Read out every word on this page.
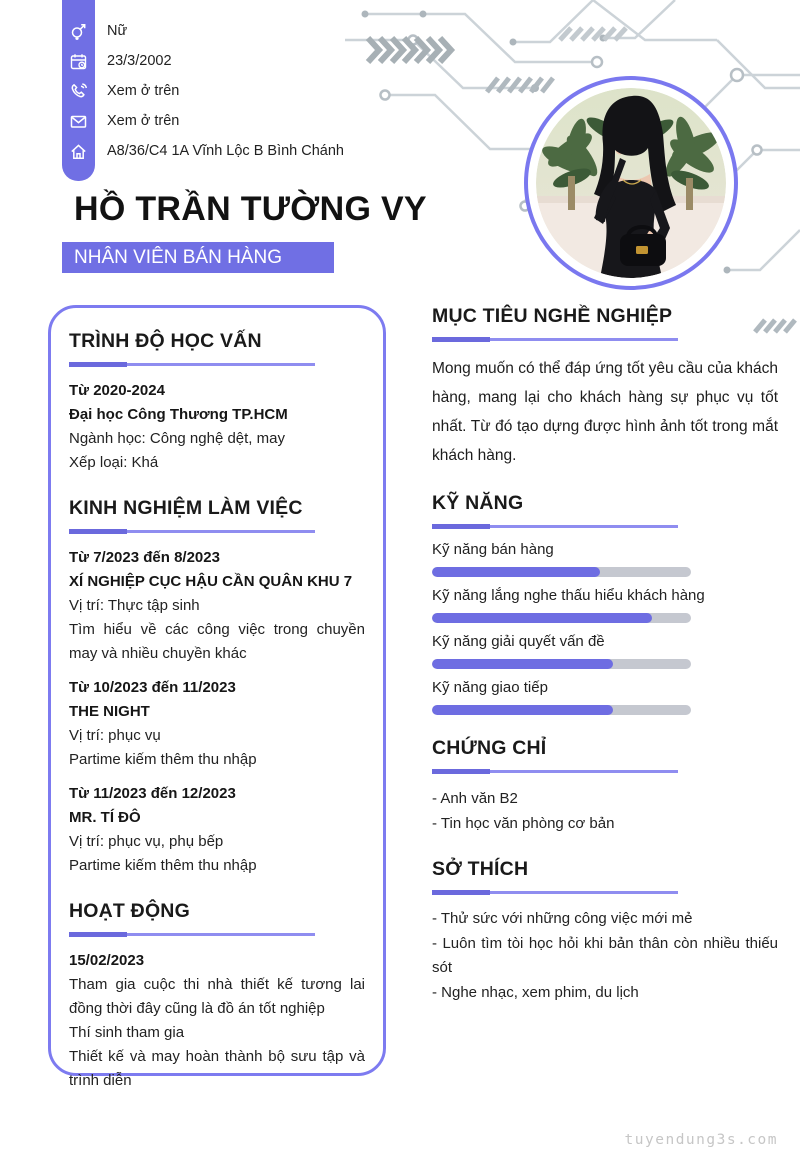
Nữ
23/3/2002
Xem ở trên
Xem ở trên
A8/36/C4 1A Vĩnh Lộc B Bình Chánh
HỒ TRẦN TƯỜNG VY
NHÂN VIÊN BÁN HÀNG
TRÌNH ĐỘ HỌC VẤN
Từ 2020-2024
Đại học Công Thương TP.HCM
Ngành học: Công nghệ dệt, may
Xếp loại: Khá
KINH NGHIỆM LÀM VIỆC
Từ 7/2023 đến 8/2023
XÍ NGHIỆP CỤC HẬU CẦN QUÂN KHU 7
Vị trí: Thực tập sinh
Tìm hiểu về các công việc trong chuyền may và nhiều chuyền khác
Từ 10/2023 đến 11/2023
THE NIGHT
Vị trí: phục vụ
Partime kiếm thêm thu nhập
Từ 11/2023 đến 12/2023
MR. TÍ ĐÔ
Vị trí: phục vụ, phụ bếp
Partime kiếm thêm thu nhập
HOẠT ĐỘNG
15/02/2023
Tham gia cuộc thi nhà thiết kế tương lai đồng thời đây cũng là đồ án tốt nghiệp
Thí sinh tham gia
Thiết kế và may hoàn thành bộ sưu tập và trình diễn
MỤC TIÊU NGHỀ NGHIỆP

Mong muốn có thể đáp ứng tốt yêu cầu của khách hàng, mang lại cho khách hàng sự phục vụ tốt nhất. Từ đó tạo dựng được hình ảnh tốt trong mắt khách hàng.

KỸ NĂNG
Kỹ năng bán hàng
Kỹ năng lắng nghe thấu hiểu khách hàng
Kỹ năng giải quyết vấn đề
Kỹ năng giao tiếp
CHỨNG CHỈ
- Anh văn B2
- Tin học văn phòng cơ bản
SỞ THÍCH
- Thử sức với những công việc mới mẻ
- Luôn tìm tòi học hỏi khi bản thân còn nhiều thiếu sót
- Nghe nhạc, xem phim, du lịch
tuyendung3s.com
